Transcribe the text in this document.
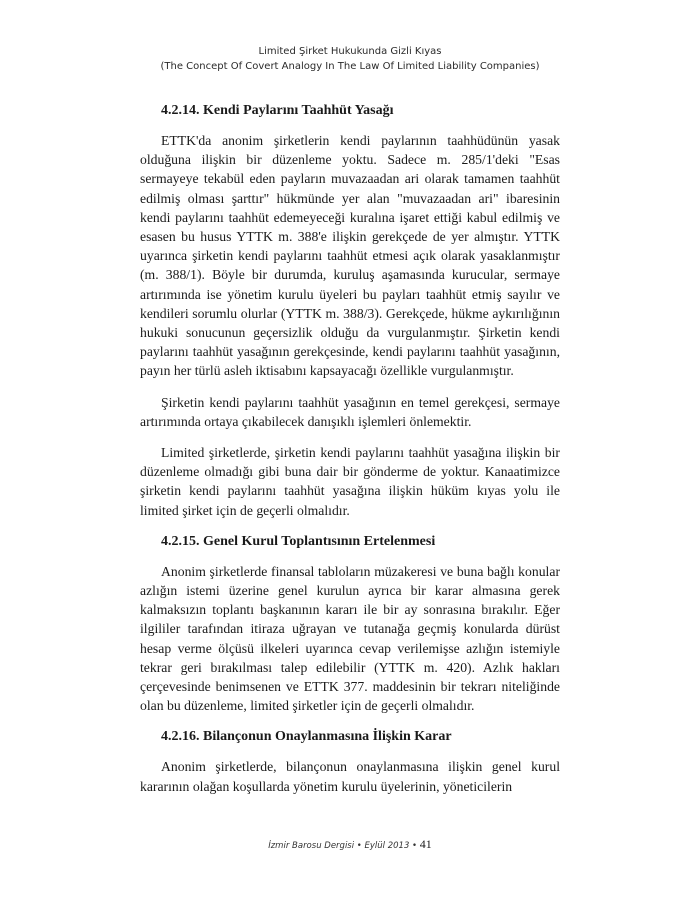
Limited Şirket Hukukunda Gizli Kıyas
(The Concept Of Covert Analogy In The Law Of Limited Liability Companies)
4.2.14. Kendi Paylarını Taahhüt Yasağı

ETTK'da anonim şirketlerin kendi paylarının taahhüdünün yasak olduğuna ilişkin bir düzenleme yoktu. Sadece m. 285/1'deki "Esas sermayeye tekabül eden payların muvazaadan ari olarak tamamen taahhüt edilmiş olması şarttır" hükmünde yer alan "muvazaadan ari" ibaresinin kendi paylarını taahhüt edemeyeceği kuralına işaret ettiği kabul edilmiş ve esasen bu husus YTTK m. 388'e ilişkin gerekçede de yer almıştır. YTTK uyarınca şirketin kendi paylarını taahhüt etmesi açık olarak yasaklanmıştır (m. 388/1). Böyle bir durumda, kuruluş aşamasında kurucular, sermaye artırımında ise yönetim kurulu üyeleri bu payları taahhüt etmiş sayılır ve kendileri sorumlu olurlar (YTTK m. 388/3). Gerekçede, hükme aykırılığının hukuki sonucunun geçersizlik olduğu da vurgulanmıştır. Şirketin kendi paylarını taahhüt yasağının gerekçesinde, kendi paylarını taahhüt yasağının, payın her türlü asleh iktisabını kapsayacağı özellikle vurgulanmıştır.

Şirketin kendi paylarını taahhüt yasağının en temel gerekçesi, sermaye artırımında ortaya çıkabilecek danışıklı işlemleri önlemektir.

Limited şirketlerde, şirketin kendi paylarını taahhüt yasağına ilişkin bir düzenleme olmadığı gibi buna dair bir gönderme de yoktur. Kanaatimizce şirketin kendi paylarını taahhüt yasağına ilişkin hüküm kıyas yolu ile limited şirket için de geçerli olmalıdır.

4.2.15. Genel Kurul Toplantısının Ertelenmesi

Anonim şirketlerde finansal tabloların müzakeresi ve buna bağlı konular azlığın istemi üzerine genel kurulun ayrıca bir karar almasına gerek kalmaksızın toplantı başkanının kararı ile bir ay sonrasına bırakılır. Eğer ilgililer tarafından itiraza uğrayan ve tutanağa geçmiş konularda dürüst hesap verme ölçüsü ilkeleri uyarınca cevap verilemişse azlığın istemiyle tekrar geri bırakılması talep edilebilir (YTTK m. 420). Azlık hakları çerçevesinde benimsenen ve ETTK 377. maddesinin bir tekrarı niteliğinde olan bu düzenleme, limited şirketler için de geçerli olmalıdır.

4.2.16. Bilançonun Onaylanmasına İlişkin Karar

Anonim şirketlerde, bilançonun onaylanmasına ilişkin genel kurul kararının olağan koşullarda yönetim kurulu üyelerinin, yöneticilerin

İzmir Barosu Dergisi • Eylül 2013 • 41
